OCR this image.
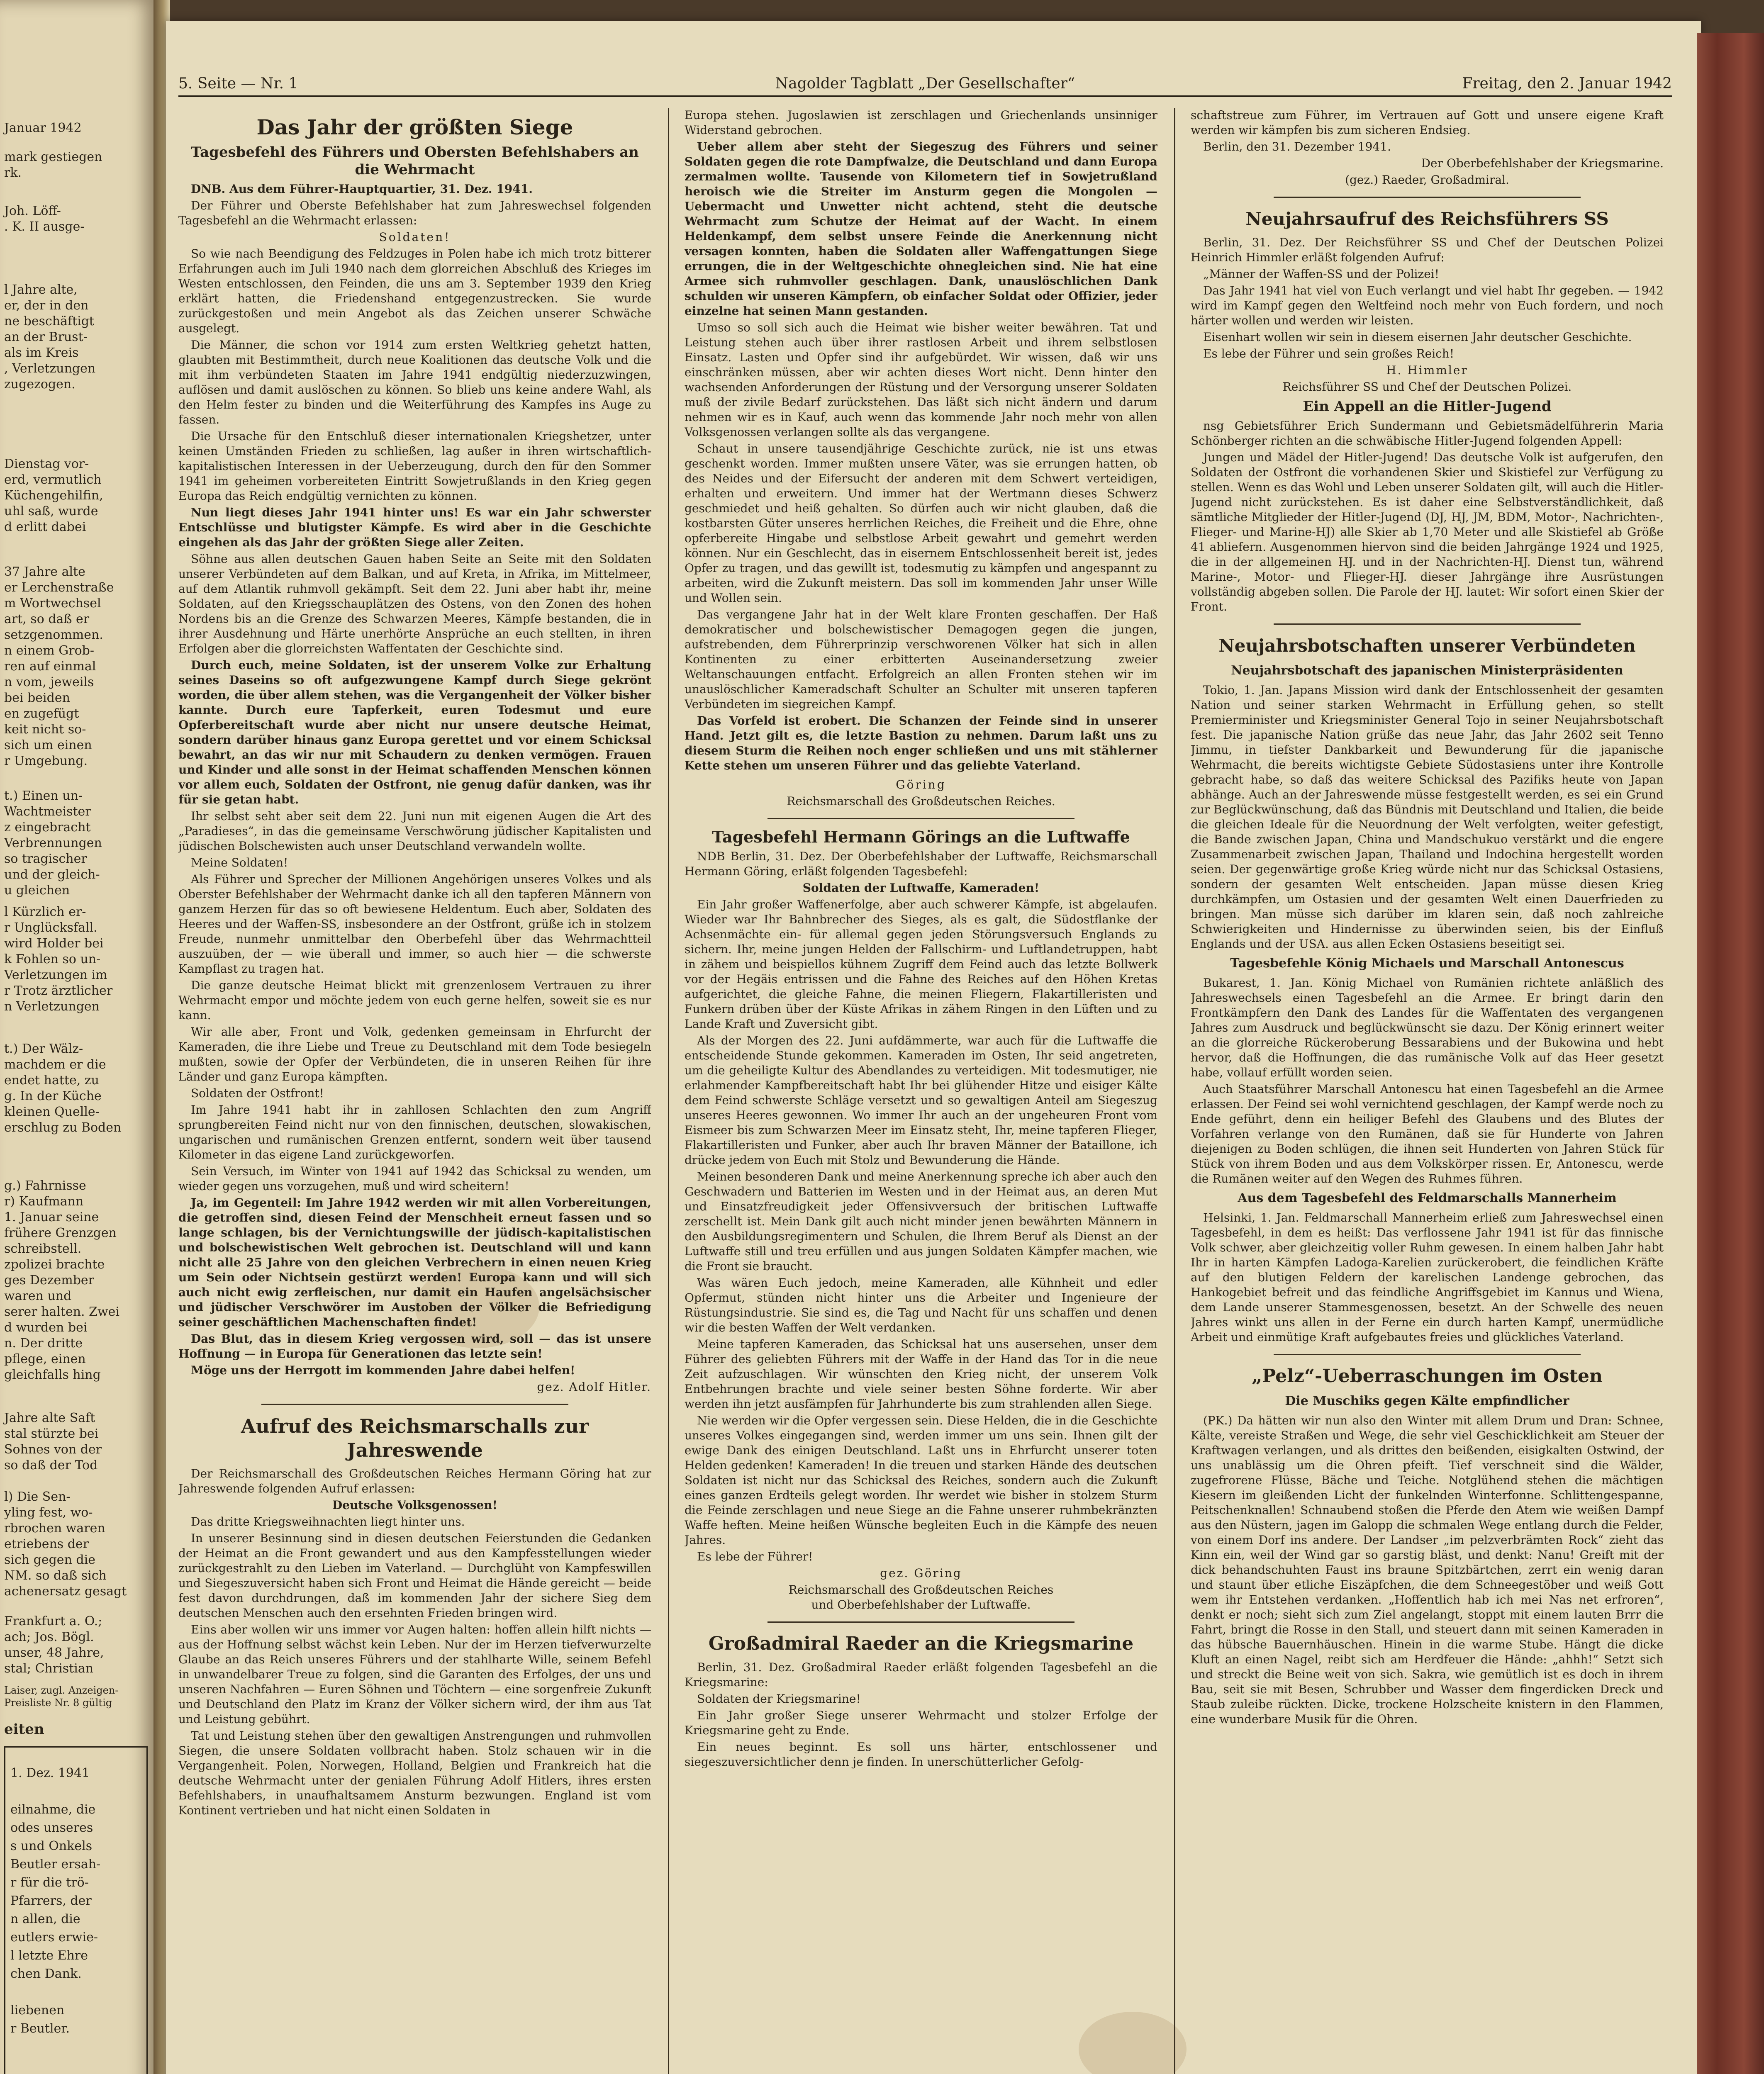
Januar 1942
mark gestiegen
rk.
Joh. Löff-
. K. II ausge-
l Jahre alte,
er, der in den
ne beschäftigt
an der Brust-
als im Kreis
, Verletzungen
zugezogen.
Dienstag vor-
erd, vermutlich
Küchengehilfin,
uhl saß, wurde
d erlitt dabei
37 Jahre alte
er Lerchenstraße
m Wortwechsel
art, so daß er
setzgenommen.
n einem Grob-
ren auf einmal
n vom, jeweils
bei beiden
en zugefügt
keit nicht so-
sich um einen
r Umgebung.
t.) Einen un-
Wachtmeister
z eingebracht
Verbrennungen
so tragischer
und der gleich-
u gleichen
l Kürzlich er-
r Unglücksfall.
wird Holder bei
k Fohlen so un-
Verletzungen im
r Trotz ärztlicher
n Verletzungen
t.) Der Wälz-
machdem er die
endet hatte, zu
g. In der Küche
kleinen Quelle-
erschlug zu Boden
g.) Fahrnisse
r) Kaufmann
1. Januar seine
frühere Grenzgen
schreibstell.
zpolizei brachte
ges Dezember
waren und
serer halten. Zwei
d wurden bei
n. Der dritte
pflege, einen
gleichfalls hing
Jahre alte Saft
stal stürzte bei
Sohnes von der
so daß der Tod
l) Die Sen-
yling fest, wo-
rbrochen waren
etriebens der
sich gegen die
NM. so daß sich
achenersatz gesagt
Frankfurt a. O.;
ach; Jos. Bögl.
unser, 48 Jahre,
stal; Christian
Laiser, zugl. Anzeigen-
Preisliste Nr. 8 gültig
eiten
1. Dez. 1941

eilnahme, die
odes unseres
s und Onkels
Beutler ersah-
r für die trö-
Pfarrers, der
n allen, die
eutlers erwie-
l letzte Ehre
chen Dank.

liebenen
r Beutler.
5. Seite — Nr. 1	Nagolder Tagblatt „Der Gesellschafter“	Freitag, den 2. Januar 1942
Das Jahr der größten Siege
Tagesbefehl des Führers und Obersten Befehlshabers an die Wehrmacht
DNB. Aus dem Führer-Hauptquartier, 31. Dez. 1941.
Der Führer und Oberste Befehlshaber hat zum Jahreswechsel folgenden Tagesbefehl an die Wehrmacht erlassen:
Soldaten!
So wie nach Beendigung des Feldzuges in Polen habe ich mich trotz bitterer Erfahrungen auch im Juli 1940 nach dem glorreichen Abschluß des Krieges im Westen entschlossen, den Feinden, die uns am 3. September 1939 den Krieg erklärt hatten, die Friedenshand entgegenzustrecken. Sie wurde zurückgestoßen und mein Angebot als das Zeichen unserer Schwäche ausgelegt.
Die Männer, die schon vor 1914 zum ersten Weltkrieg gehetzt hatten, glaubten mit Bestimmtheit, durch neue Koalitionen das deutsche Volk und die mit ihm verbündeten Staaten im Jahre 1941 endgültig niederzuzwingen, auflösen und damit auslöschen zu können. So blieb uns keine andere Wahl, als den Helm fester zu binden und die Weiterführung des Kampfes ins Auge zu fassen.
Die Ursache für den Entschluß dieser internationalen Kriegshetzer, unter keinen Umständen Frieden zu schließen, lag außer in ihren wirtschaftlich-kapitalistischen Interessen in der Ueberzeugung, durch den für den Sommer 1941 im geheimen vorbereiteten Eintritt Sowjetrußlands in den Krieg gegen Europa das Reich endgültig vernichten zu können.
Nun liegt dieses Jahr 1941 hinter uns! Es war ein Jahr schwerster Entschlüsse und blutigster Kämpfe. Es wird aber in die Geschichte eingehen als das Jahr der größten Siege aller Zeiten.
Söhne aus allen deutschen Gauen haben Seite an Seite mit den Soldaten unserer Verbündeten auf dem Balkan, und auf Kreta, in Afrika, im Mittelmeer, auf dem Atlantik ruhmvoll gekämpft. Seit dem 22. Juni aber habt ihr, meine Soldaten, auf den Kriegsschauplätzen des Ostens, von den Zonen des hohen Nordens bis an die Grenze des Schwarzen Meeres, Kämpfe bestanden, die in ihrer Ausdehnung und Härte unerhörte Ansprüche an euch stellten, in ihren Erfolgen aber die glorreichsten Waffentaten der Geschichte sind.
Durch euch, meine Soldaten, ist der unserem Volke zur Erhaltung seines Daseins so oft aufgezwungene Kampf durch Siege gekrönt worden, die über allem stehen, was die Vergangenheit der Völker bisher kannte. Durch eure Tapferkeit, euren Todesmut und eure Opferbereitschaft wurde aber nicht nur unsere deutsche Heimat, sondern darüber hinaus ganz Europa gerettet und vor einem Schicksal bewahrt, an das wir nur mit Schaudern zu denken vermögen. Frauen und Kinder und alle sonst in der Heimat schaffenden Menschen können vor allem euch, Soldaten der Ostfront, nie genug dafür danken, was ihr für sie getan habt.
Ihr selbst seht aber seit dem 22. Juni nun mit eigenen Augen die Art des „Paradieses“, in das die gemeinsame Verschwörung jüdischer Kapitalisten und jüdischen Bolschewisten auch unser Deutschland verwandeln wollte.
Meine Soldaten!
Als Führer und Sprecher der Millionen Angehörigen unseres Volkes und als Oberster Befehlshaber der Wehrmacht danke ich all den tapferen Männern von ganzem Herzen für das so oft bewiesene Heldentum. Euch aber, Soldaten des Heeres und der Waffen-SS, insbesondere an der Ostfront, grüße ich in stolzem Freude, nunmehr unmittelbar den Oberbefehl über das Wehrmachtteil auszuüben, der — wie überall und immer, so auch hier — die schwerste Kampflast zu tragen hat.
Die ganze deutsche Heimat blickt mit grenzenlosem Vertrauen zu ihrer Wehrmacht empor und möchte jedem von euch gerne helfen, soweit sie es nur kann.
Wir alle aber, Front und Volk, gedenken gemeinsam in Ehrfurcht der Kameraden, die ihre Liebe und Treue zu Deutschland mit dem Tode besiegeln mußten, sowie der Opfer der Verbündeten, die in unseren Reihen für ihre Länder und ganz Europa kämpften.
Soldaten der Ostfront!
Im Jahre 1941 habt ihr in zahllosen Schlachten den zum Angriff sprungbereiten Feind nicht nur von den finnischen, deutschen, slowakischen, ungarischen und rumänischen Grenzen entfernt, sondern weit über tausend Kilometer in das eigene Land zurückgeworfen.
Sein Versuch, im Winter von 1941 auf 1942 das Schicksal zu wenden, um wieder gegen uns vorzugehen, muß und wird scheitern!
Ja, im Gegenteil: Im Jahre 1942 werden wir mit allen Vorbereitungen, die getroffen sind, diesen Feind der Menschheit erneut fassen und so lange schlagen, bis der Vernichtungswille der jüdisch-kapitalistischen und bolschewistischen Welt gebrochen ist. Deutschland will und kann nicht alle 25 Jahre von den gleichen Verbrechern in einen neuen Krieg um Sein oder Nichtsein gestürzt werden! Europa kann und will sich auch nicht ewig zerfleischen, nur damit ein Haufen angelsächsischer und jüdischer Verschwörer im Austoben der Völker die Befriedigung seiner geschäftlichen Machenschaften findet!
Das Blut, das in diesem Krieg vergossen wird, soll — das ist unsere Hoffnung — in Europa für Generationen das letzte sein!
Möge uns der Herrgott im kommenden Jahre dabei helfen!
gez. Adolf Hitler.
Aufruf des Reichsmarschalls zur Jahreswende
Der Reichsmarschall des Großdeutschen Reiches Hermann Göring hat zur Jahreswende folgenden Aufruf erlassen:
Deutsche Volksgenossen!
Das dritte Kriegsweihnachten liegt hinter uns.
In unserer Besinnung sind in diesen deutschen Feierstunden die Gedanken der Heimat an die Front gewandert und aus den Kampfesstellungen wieder zurückgestrahlt zu den Lieben im Vaterland. — Durchglüht von Kampfeswillen und Siegeszuversicht haben sich Front und Heimat die Hände gereicht — beide fest davon durchdrungen, daß im kommenden Jahr der sichere Sieg dem deutschen Menschen auch den ersehnten Frieden bringen wird.
Eins aber wollen wir uns immer vor Augen halten: hoffen allein hilft nichts — aus der Hoffnung selbst wächst kein Leben. Nur der im Herzen tiefverwurzelte Glaube an das Reich unseres Führers und der stahlharte Wille, seinem Befehl in unwandelbarer Treue zu folgen, sind die Garanten des Erfolges, der uns und unseren Nachfahren — Euren Söhnen und Töchtern — eine sorgenfreie Zukunft und Deutschland den Platz im Kranz der Völker sichern wird, der ihm aus Tat und Leistung gebührt.
Tat und Leistung stehen über den gewaltigen Anstrengungen und ruhmvollen Siegen, die unsere Soldaten vollbracht haben. Stolz schauen wir in die Vergangenheit. Polen, Norwegen, Holland, Belgien und Frankreich hat die deutsche Wehrmacht unter der genialen Führung Adolf Hitlers, ihres ersten Befehlshabers, in unaufhaltsamem Ansturm bezwungen. England ist vom Kontinent vertrieben und hat nicht einen Soldaten in
Europa stehen. Jugoslawien ist zerschlagen und Griechenlands unsinniger Widerstand gebrochen.
Ueber allem aber steht der Siegeszug des Führers und seiner Soldaten gegen die rote Dampfwalze, die Deutschland und dann Europa zermalmen wollte. Tausende von Kilometern tief in Sowjetrußland heroisch wie die Streiter im Ansturm gegen die Mongolen — Uebermacht und Unwetter nicht achtend, steht die deutsche Wehrmacht zum Schutze der Heimat auf der Wacht. In einem Heldenkampf, dem selbst unsere Feinde die Anerkennung nicht versagen konnten, haben die Soldaten aller Waffengattungen Siege errungen, die in der Weltgeschichte ohnegleichen sind. Nie hat eine Armee sich ruhmvoller geschlagen. Dank, unauslöschlichen Dank schulden wir unseren Kämpfern, ob einfacher Soldat oder Offizier, jeder einzelne hat seinen Mann gestanden.
Umso so soll sich auch die Heimat wie bisher weiter bewähren. Tat und Leistung stehen auch über ihrer rastlosen Arbeit und ihrem selbstlosen Einsatz. Lasten und Opfer sind ihr aufgebürdet. Wir wissen, daß wir uns einschränken müssen, aber wir achten dieses Wort nicht. Denn hinter den wachsenden Anforderungen der Rüstung und der Versorgung unserer Soldaten muß der zivile Bedarf zurückstehen. Das läßt sich nicht ändern und darum nehmen wir es in Kauf, auch wenn das kommende Jahr noch mehr von allen Volksgenossen verlangen sollte als das vergangene.
Schaut in unsere tausendjährige Geschichte zurück, nie ist uns etwas geschenkt worden. Immer mußten unsere Väter, was sie errungen hatten, ob des Neides und der Eifersucht der anderen mit dem Schwert verteidigen, erhalten und erweitern. Und immer hat der Wertmann dieses Schwerz geschmiedet und heiß gehalten. So dürfen auch wir nicht glauben, daß die kostbarsten Güter unseres herrlichen Reiches, die Freiheit und die Ehre, ohne opferbereite Hingabe und selbstlose Arbeit gewahrt und gemehrt werden können. Nur ein Geschlecht, das in eisernem Entschlossenheit bereit ist, jedes Opfer zu tragen, und das gewillt ist, todesmutig zu kämpfen und angespannt zu arbeiten, wird die Zukunft meistern. Das soll im kommenden Jahr unser Wille und Wollen sein.
Das vergangene Jahr hat in der Welt klare Fronten geschaffen. Der Haß demokratischer und bolschewistischer Demagogen gegen die jungen, aufstrebenden, dem Führerprinzip verschworenen Völker hat sich in allen Kontinenten zu einer erbitterten Auseinandersetzung zweier Weltanschauungen entfacht. Erfolgreich an allen Fronten stehen wir im unauslöschlicher Kameradschaft Schulter an Schulter mit unseren tapferen Verbündeten im siegreichen Kampf.
Das Vorfeld ist erobert. Die Schanzen der Feinde sind in unserer Hand. Jetzt gilt es, die letzte Bastion zu nehmen. Darum laßt uns zu diesem Sturm die Reihen noch enger schließen und uns mit stählerner Kette stehen um unseren Führer und das geliebte Vaterland.
Göring
Reichsmarschall des Großdeutschen Reiches.
Tagesbefehl Hermann Görings an die Luftwaffe
NDB Berlin, 31. Dez. Der Oberbefehlshaber der Luftwaffe, Reichsmarschall Hermann Göring, erläßt folgenden Tagesbefehl:
Soldaten der Luftwaffe, Kameraden!
Ein Jahr großer Waffenerfolge, aber auch schwerer Kämpfe, ist abgelaufen. Wieder war Ihr Bahnbrecher des Sieges, als es galt, die Südostflanke der Achsenmächte ein- für allemal gegen jeden Störungsversuch Englands zu sichern. Ihr, meine jungen Helden der Fallschirm- und Luftlandetruppen, habt in zähem und beispiellos kühnem Zugriff dem Feind auch das letzte Bollwerk vor der Hegäis entrissen und die Fahne des Reiches auf den Höhen Kretas aufgerichtet, die gleiche Fahne, die meinen Fliegern, Flakartilleristen und Funkern drüben über der Küste Afrikas in zähem Ringen in den Lüften und zu Lande Kraft und Zuversicht gibt.
Als der Morgen des 22. Juni aufdämmerte, war auch für die Luftwaffe die entscheidende Stunde gekommen. Kameraden im Osten, Ihr seid angetreten, um die geheiligte Kultur des Abendlandes zu verteidigen. Mit todesmutiger, nie erlahmender Kampfbereitschaft habt Ihr bei glühender Hitze und eisiger Kälte dem Feind schwerste Schläge versetzt und so gewaltigen Anteil am Siegeszug unseres Heeres gewonnen. Wo immer Ihr auch an der ungeheuren Front vom Eismeer bis zum Schwarzen Meer im Einsatz steht, Ihr, meine tapferen Flieger, Flakartilleristen und Funker, aber auch Ihr braven Männer der Bataillone, ich drücke jedem von Euch mit Stolz und Bewunderung die Hände.
Meinen besonderen Dank und meine Anerkennung spreche ich aber auch den Geschwadern und Batterien im Westen und in der Heimat aus, an deren Mut und Einsatzfreudigkeit jeder Offensivversuch der britischen Luftwaffe zerschellt ist. Mein Dank gilt auch nicht minder jenen bewährten Männern in den Ausbildungsregimentern und Schulen, die Ihrem Beruf als Dienst an der Luftwaffe still und treu erfüllen und aus jungen Soldaten Kämpfer machen, wie die Front sie braucht.
Was wären Euch jedoch, meine Kameraden, alle Kühnheit und edler Opfermut, stünden nicht hinter uns die Arbeiter und Ingenieure der Rüstungsindustrie. Sie sind es, die Tag und Nacht für uns schaffen und denen wir die besten Waffen der Welt verdanken.
Meine tapferen Kameraden, das Schicksal hat uns ausersehen, unser dem Führer des geliebten Führers mit der Waffe in der Hand das Tor in die neue Zeit aufzuschlagen. Wir wünschten den Krieg nicht, der unserem Volk Entbehrungen brachte und viele seiner besten Söhne forderte. Wir aber werden ihn jetzt ausfämpfen für Jahrhunderte bis zum strahlenden allen Siege.
Nie werden wir die Opfer vergessen sein. Diese Helden, die in die Geschichte unseres Volkes eingegangen sind, werden immer um uns sein. Ihnen gilt der ewige Dank des einigen Deutschland. Laßt uns in Ehrfurcht unserer toten Helden gedenken! Kameraden! In die treuen und starken Hände des deutschen Soldaten ist nicht nur das Schicksal des Reiches, sondern auch die Zukunft eines ganzen Erdteils gelegt worden. Ihr werdet wie bisher in stolzem Sturm die Feinde zerschlagen und neue Siege an die Fahne unserer ruhmbekränzten Waffe heften. Meine heißen Wünsche begleiten Euch in die Kämpfe des neuen Jahres.
Es lebe der Führer!
gez. Göring
Reichsmarschall des Großdeutschen Reiches
und Oberbefehlshaber der Luftwaffe.
Großadmiral Raeder an die Kriegsmarine
Berlin, 31. Dez. Großadmiral Raeder erläßt folgenden Tagesbefehl an die Kriegsmarine:
Soldaten der Kriegsmarine!
Ein Jahr großer Siege unserer Wehrmacht und stolzer Erfolge der Kriegsmarine geht zu Ende.
Ein neues beginnt. Es soll uns härter, entschlossener und siegeszuversichtlicher denn je finden. In unerschütterlicher Gefolg-
schaftstreue zum Führer, im Vertrauen auf Gott und unsere eigene Kraft werden wir kämpfen bis zum sicheren Endsieg.
Berlin, den 31. Dezember 1941.
Der Oberbefehlshaber der Kriegsmarine.
(gez.) Raeder, Großadmiral.
Neujahrsaufruf des Reichsführers SS
Berlin, 31. Dez. Der Reichsführer SS und Chef der Deutschen Polizei Heinrich Himmler erläßt folgenden Aufruf:
„Männer der Waffen-SS und der Polizei!
Das Jahr 1941 hat viel von Euch verlangt und viel habt Ihr gegeben. — 1942 wird im Kampf gegen den Weltfeind noch mehr von Euch fordern, und noch härter wollen und werden wir leisten.
Eisenhart wollen wir sein in diesem eisernen Jahr deutscher Geschichte.
Es lebe der Führer und sein großes Reich!
H. Himmler
Reichsführer SS und Chef der Deutschen Polizei.
Ein Appell an die Hitler-Jugend
nsg Gebietsführer Erich Sundermann und Gebietsmädelführerin Maria Schönberger richten an die schwäbische Hitler-Jugend folgenden Appell:
Jungen und Mädel der Hitler-Jugend! Das deutsche Volk ist aufgerufen, den Soldaten der Ostfront die vorhandenen Skier und Skistiefel zur Verfügung zu stellen. Wenn es das Wohl und Leben unserer Soldaten gilt, will auch die Hitler-Jugend nicht zurückstehen. Es ist daher eine Selbstverständlichkeit, daß sämtliche Mitglieder der Hitler-Jugend (DJ, HJ, JM, BDM, Motor-, Nachrichten-, Flieger- und Marine-HJ) alle Skier ab 1,70 Meter und alle Skistiefel ab Größe 41 abliefern. Ausgenommen hiervon sind die beiden Jahrgänge 1924 und 1925, die in der allgemeinen HJ. und in der Nachrichten-HJ. Dienst tun, während Marine-, Motor- und Flieger-HJ. dieser Jahrgänge ihre Ausrüstungen vollständig abgeben sollen. Die Parole der HJ. lautet: Wir sofort einen Skier der Front.
Neujahrsbotschaften unserer Verbündeten
Neujahrsbotschaft des japanischen Ministerpräsidenten
Tokio, 1. Jan. Japans Mission wird dank der Entschlossenheit der gesamten Nation und seiner starken Wehrmacht in Erfüllung gehen, so stellt Premierminister und Kriegsminister General Tojo in seiner Neujahrsbotschaft fest. Die japanische Nation grüße das neue Jahr, das Jahr 2602 seit Tenno Jimmu, in tiefster Dankbarkeit und Bewunderung für die japanische Wehrmacht, die bereits wichtigste Gebiete Südostasiens unter ihre Kontrolle gebracht habe, so daß das weitere Schicksal des Pazifiks heute von Japan abhänge. Auch an der Jahreswende müsse festgestellt werden, es sei ein Grund zur Beglückwünschung, daß das Bündnis mit Deutschland und Italien, die beide die gleichen Ideale für die Neuordnung der Welt verfolgten, weiter gefestigt, die Bande zwischen Japan, China und Mandschukuo verstärkt und die engere Zusammenarbeit zwischen Japan, Thailand und Indochina hergestellt worden seien. Der gegenwärtige große Krieg würde nicht nur das Schicksal Ostasiens, sondern der gesamten Welt entscheiden. Japan müsse diesen Krieg durchkämpfen, um Ostasien und der gesamten Welt einen Dauerfrieden zu bringen. Man müsse sich darüber im klaren sein, daß noch zahlreiche Schwierigkeiten und Hindernisse zu überwinden seien, bis der Einfluß Englands und der USA. aus allen Ecken Ostasiens beseitigt sei.
Tagesbefehle König Michaels und Marschall Antonescus
Bukarest, 1. Jan. König Michael von Rumänien richtete anläßlich des Jahreswechsels einen Tagesbefehl an die Armee. Er bringt darin den Frontkämpfern den Dank des Landes für die Waffentaten des vergangenen Jahres zum Ausdruck und beglückwünscht sie dazu. Der König erinnert weiter an die glorreiche Rückeroberung Bessarabiens und der Bukowina und hebt hervor, daß die Hoffnungen, die das rumänische Volk auf das Heer gesetzt habe, vollauf erfüllt worden seien.
Auch Staatsführer Marschall Antonescu hat einen Tagesbefehl an die Armee erlassen. Der Feind sei wohl vernichtend geschlagen, der Kampf werde noch zu Ende geführt, denn ein heiliger Befehl des Glaubens und des Blutes der Vorfahren verlange von den Rumänen, daß sie für Hunderte von Jahren diejenigen zu Boden schlügen, die ihnen seit Hunderten von Jahren Stück für Stück von ihrem Boden und aus dem Volkskörper rissen. Er, Antonescu, werde die Rumänen weiter auf den Wegen des Ruhmes führen.
Aus dem Tagesbefehl des Feldmarschalls Mannerheim
Helsinki, 1. Jan. Feldmarschall Mannerheim erließ zum Jahreswechsel einen Tagesbefehl, in dem es heißt: Das verflossene Jahr 1941 ist für das finnische Volk schwer, aber gleichzeitig voller Ruhm gewesen. In einem halben Jahr habt Ihr in harten Kämpfen Ladoga-Karelien zurückerobert, die feindlichen Kräfte auf den blutigen Feldern der karelischen Landenge gebrochen, das Hankogebiet befreit und das feindliche Angriffsgebiet im Kannus und Wiena, dem Lande unserer Stammesgenossen, besetzt. An der Schwelle des neuen Jahres winkt uns allen in der Ferne ein durch harten Kampf, unermüdliche Arbeit und einmütige Kraft aufgebautes freies und glückliches Vaterland.
„Pelz“-Ueberraschungen im Osten
Die Muschiks gegen Kälte empfindlicher
(PK.) Da hätten wir nun also den Winter mit allem Drum und Dran: Schnee, Kälte, vereiste Straßen und Wege, die sehr viel Geschicklichkeit am Steuer der Kraftwagen verlangen, und als drittes den beißenden, eisigkalten Ostwind, der uns unablässig um die Ohren pfeift. Tief verschneit sind die Wälder, zugefrorene Flüsse, Bäche und Teiche. Notglühend stehen die mächtigen Kiesern im gleißenden Licht der funkelnden Winterfonne. Schlittengespanne, Peitschenknallen! Schnaubend stoßen die Pferde den Atem wie weißen Dampf aus den Nüstern, jagen im Galopp die schmalen Wege entlang durch die Felder, von einem Dorf ins andere. Der Landser „im pelzverbrämten Rock“ zieht das Kinn ein, weil der Wind gar so garstig bläst, und denkt: Nanu! Greift mit der dick behandschuhten Faust ins braune Spitzbärtchen, zerrt ein wenig daran und staunt über etliche Eiszäpfchen, die dem Schneegestöber und weiß Gott wem ihr Entstehen verdanken. „Hoffentlich hab ich mei Nas net erfroren“, denkt er noch; sieht sich zum Ziel angelangt, stoppt mit einem lauten Brrr die Fahrt, bringt die Rosse in den Stall, und steuert dann mit seinen Kameraden in das hübsche Bauernhäuschen. Hinein in die warme Stube. Hängt die dicke Kluft an einen Nagel, reibt sich am Herdfeuer die Hände: „ahhh!“ Setzt sich und streckt die Beine weit von sich. Sakra, wie gemütlich ist es doch in ihrem Bau, seit sie mit Besen, Schrubber und Wasser dem fingerdicken Dreck und Staub zuleibe rückten. Dicke, trockene Holzscheite knistern in den Flammen, eine wunderbare Musik für die Ohren.
